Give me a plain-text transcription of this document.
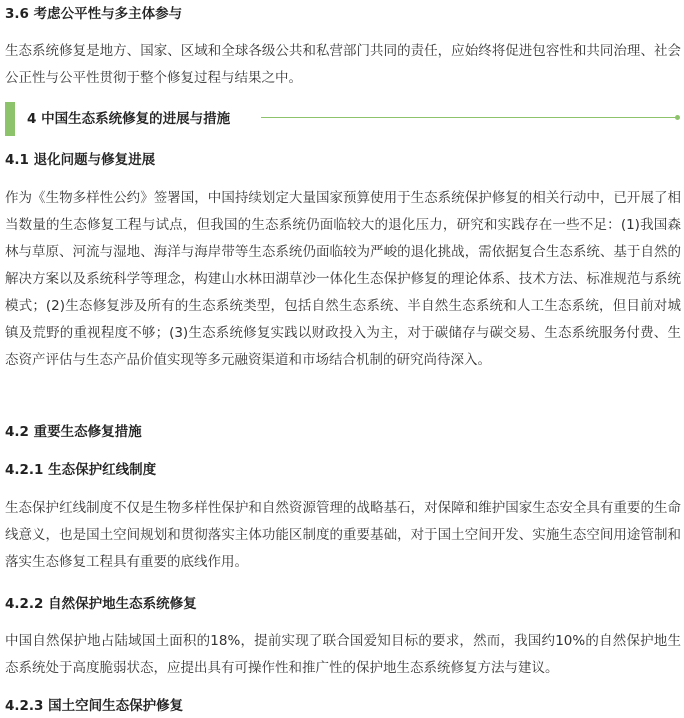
3.6 考虑公平性与多主体参与
生态系统修复是地方、国家、区域和全球各级公共和私营部门共同的责任，应始终将促进包容性和共同治理、社会公正性与公平性贯彻于整个修复过程与结果之中。
4 中国生态系统修复的进展与措施
4.1 退化问题与修复进展
作为《生物多样性公约》签署国，中国持续划定大量国家预算使用于生态系统保护修复的相关行动中，已开展了相当数量的生态修复工程与试点，但我国的生态系统仍面临较大的退化压力，研究和实践存在一些不足：(1)我国森林与草原、河流与湿地、海洋与海岸带等生态系统仍面临较为严峻的退化挑战，需依据复合生态系统、基于自然的解决方案以及系统科学等理念，构建山水林田湖草沙一体化生态保护修复的理论体系、技术方法、标准规范与系统模式；(2)生态修复涉及所有的生态系统类型，包括自然生态系统、半自然生态系统和人工生态系统，但目前对城镇及荒野的重视程度不够；(3)生态系统修复实践以财政投入为主，对于碳储存与碳交易、生态系统服务付费、生态资产评估与生态产品价值实现等多元融资渠道和市场结合机制的研究尚待深入。
4.2 重要生态修复措施
4.2.1 生态保护红线制度
生态保护红线制度不仅是生物多样性保护和自然资源管理的战略基石，对保障和维护国家生态安全具有重要的生命线意义，也是国土空间规划和贯彻落实主体功能区制度的重要基础，对于国土空间开发、实施生态空间用途管制和落实生态修复工程具有重要的底线作用。
4.2.2 自然保护地生态系统修复
中国自然保护地占陆域国土面积的18%，提前实现了联合国爱知目标的要求，然而，我国约10%的自然保护地生态系统处于高度脆弱状态，应提出具有可操作性和推广性的保护地生态系统修复方法与建议。
4.2.3 国土空间生态保护修复
